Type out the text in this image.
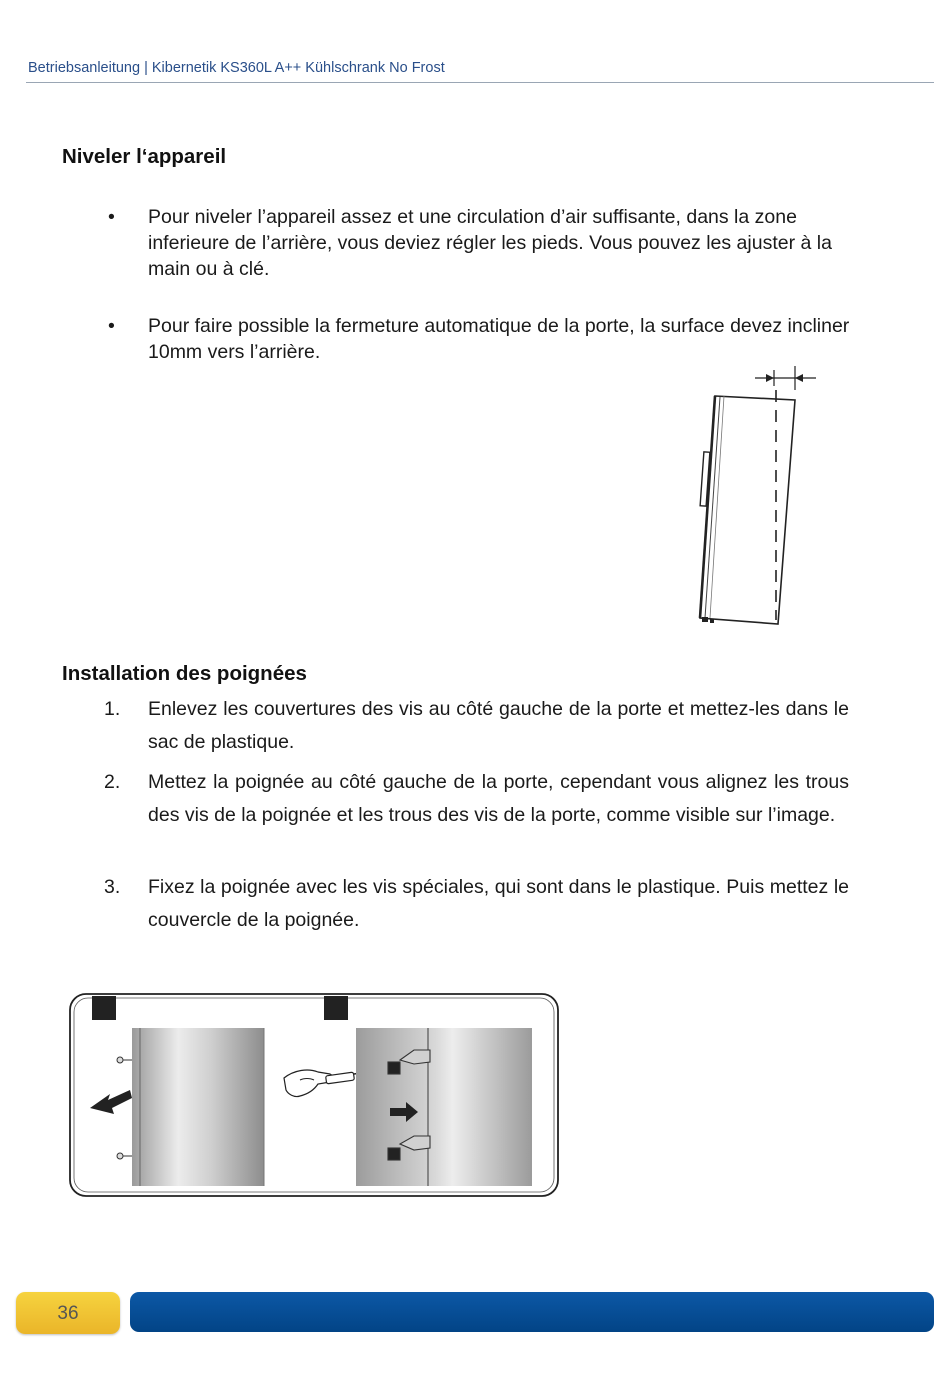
Betriebsanleitung | Kibernetik KS360L A++ Kühlschrank No Frost
Niveler l‘appareil
•	Pour niveler l’appareil assez et une circulation d’air suffisante, dans la zone inferieure de l’arrière, vous deviez régler les pieds. Vous pouvez les ajuster à la main ou à clé.
•	Pour faire possible la fermeture automatique de la porte, la surface devez incliner 10mm vers l’arrière.
Installation des poignées
1. Enlevez les couvertures des vis au côté gauche de la porte et mettez-les dans le sac de plastique.
2. Mettez la poignée au côté gauche de la porte, cependant vous alignez les trous des vis de la poignée et les trous des vis de la porte, comme visible sur l’image.
3. Fixez la poignée avec les vis spéciales, qui sont dans le plastique. Puis mettez le couvercle de la poignée.
36
